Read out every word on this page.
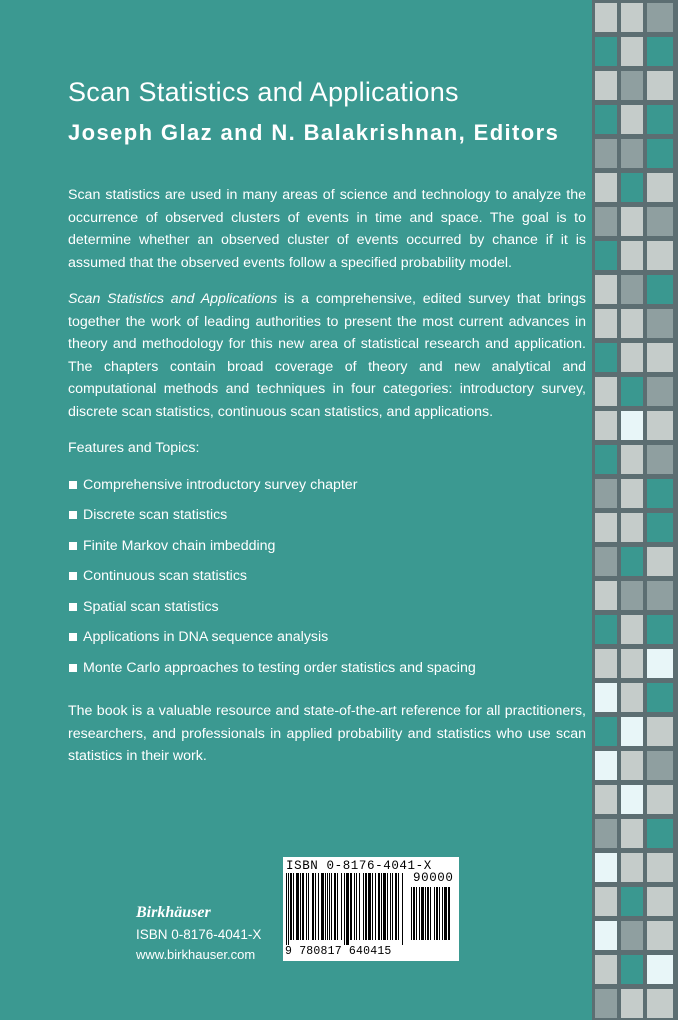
Scan Statistics and Applications
Joseph Glaz and N. Balakrishnan, Editors

Scan statistics are used in many areas of science and technology to analyze the occurrence of observed clusters of events in time and space. The goal is to determine whether an observed cluster of events occurred by chance if it is assumed that the observed events follow a specified probability model.

Scan Statistics and Applications is a comprehensive, edited survey that brings together the work of leading authorities to present the most current advances in theory and methodology for this new area of statistical research and application. The chapters contain broad coverage of theory and new analytical and computational methods and techniques in four categories: introductory survey, discrete scan statistics, continuous scan statistics, and applications.

Features and Topics:

Comprehensive introductory survey chapter
Discrete scan statistics
Finite Markov chain imbedding
Continuous scan statistics
Spatial scan statistics
Applications in DNA sequence analysis
Monte Carlo approaches to testing order statistics and spacing

The book is a valuable resource and state-of-the-art reference for all practitioners, researchers, and professionals in applied probability and statistics who use scan statistics in their work.

ISBN 0-8176-4041-X
90000
9 780817 640415

Birkhäuser

ISBN 0-8176-4041-X

www.birkhauser.com
